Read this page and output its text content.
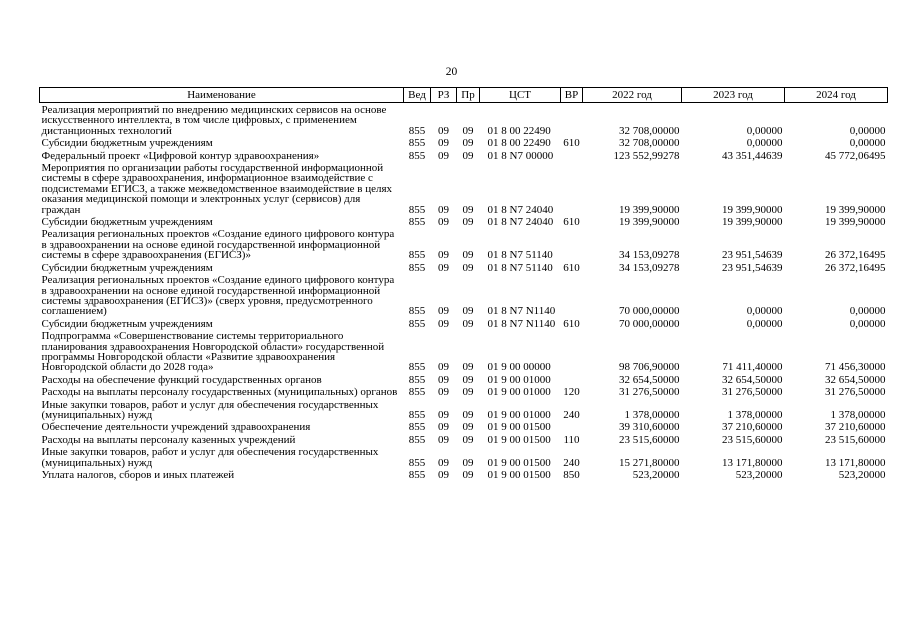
20
Наименование	Вед	РЗ	Пр	ЦСТ	ВР	2022 год	2023 год	2024 год
Реализация мероприятий по внедрению медицинских сервисов на основе искусственного интеллекта, в том числе цифровых, с применением дистанционных технологий	855	09	09	01 8 00 22490		32 708,00000	0,00000	0,00000
Субсидии бюджетным учреждениям	855	09	09	01 8 00 22490	610	32 708,00000	0,00000	0,00000
Федеральный проект «Цифровой контур здравоохранения»	855	09	09	01 8 N7 00000		123 552,99278	43 351,44639	45 772,06495
Мероприятия по организации работы государственной информационной системы в сфере здравоохранения, информационное взаимодействие с подсистемами ЕГИСЗ, а также межведомственное взаимодействие в целях оказания медицинской помощи и электронных услуг (сервисов) для граждан	855	09	09	01 8 N7 24040		19 399,90000	19 399,90000	19 399,90000
Субсидии бюджетным учреждениям	855	09	09	01 8 N7 24040	610	19 399,90000	19 399,90000	19 399,90000
Реализация региональных проектов «Создание единого цифрового контура в здравоохранении на основе единой государственной информационной системы в сфере здравоохранения (ЕГИСЗ)»	855	09	09	01 8 N7 51140		34 153,09278	23 951,54639	26 372,16495
Субсидии бюджетным учреждениям	855	09	09	01 8 N7 51140	610	34 153,09278	23 951,54639	26 372,16495
Реализация региональных проектов «Создание единого цифрового контура в здравоохранении на основе единой государственной информационной системы здравоохранения (ЕГИСЗ)» (сверх уровня, предусмотренного соглашением)	855	09	09	01 8 N7 N1140		70 000,00000	0,00000	0,00000
Субсидии бюджетным учреждениям	855	09	09	01 8 N7 N1140	610	70 000,00000	0,00000	0,00000
Подпрограмма «Совершенствование системы территориального планирования здравоохранения Новгородской области» государственной программы Новгородской области «Развитие здравоохранения Новгородской области до 2028 года»	855	09	09	01 9 00 00000		98 706,90000	71 411,40000	71 456,30000
Расходы на обеспечение функций государственных органов	855	09	09	01 9 00 01000		32 654,50000	32 654,50000	32 654,50000
Расходы на выплаты персоналу государственных (муниципальных) органов	855	09	09	01 9 00 01000	120	31 276,50000	31 276,50000	31 276,50000
Иные закупки товаров, работ и услуг для обеспечения государственных (муниципальных) нужд	855	09	09	01 9 00 01000	240	1 378,00000	1 378,00000	1 378,00000
Обеспечение деятельности учреждений здравоохранения	855	09	09	01 9 00 01500		39 310,60000	37 210,60000	37 210,60000
Расходы на выплаты персоналу казенных учреждений	855	09	09	01 9 00 01500	110	23 515,60000	23 515,60000	23 515,60000
Иные закупки товаров, работ и услуг для обеспечения государственных (муниципальных) нужд	855	09	09	01 9 00 01500	240	15 271,80000	13 171,80000	13 171,80000
Уплата налогов, сборов и иных платежей	855	09	09	01 9 00 01500	850	523,20000	523,20000	523,20000
